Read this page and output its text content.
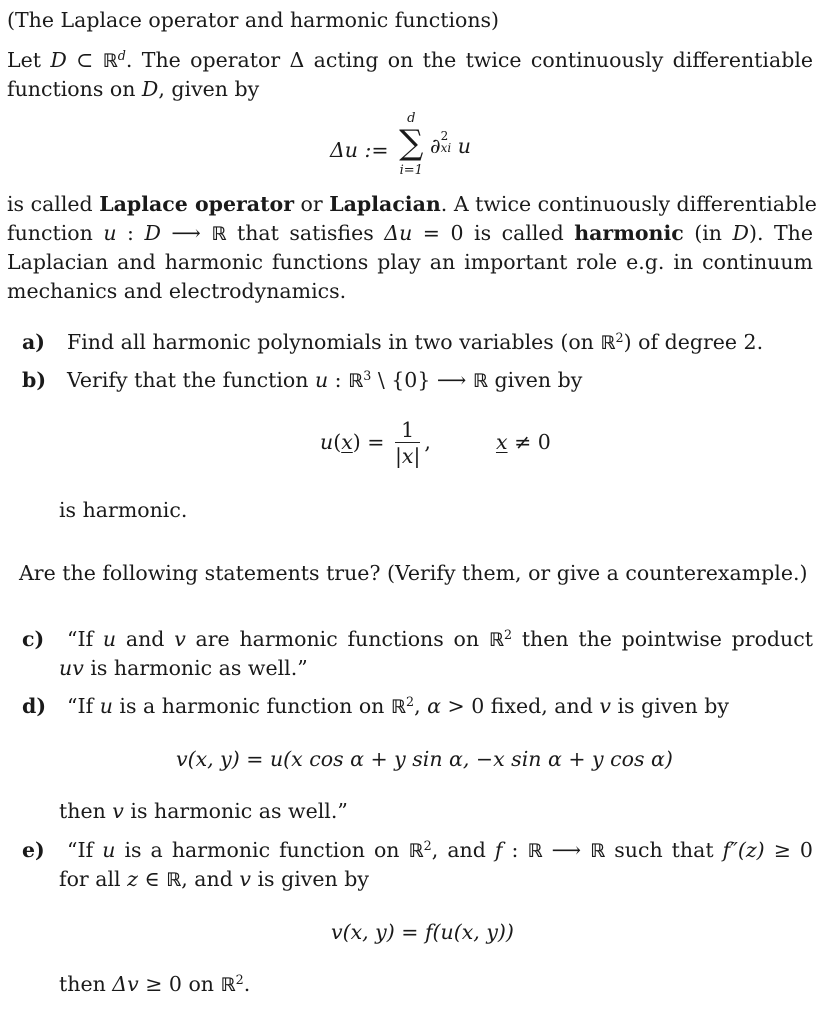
(The Laplace operator and harmonic functions)
Let D ⊂ ℝ$^d$. The operator Δ acting on the twice continuously differentiable
functions on D, given by
Δu :=
d
∑
i=1
∂ 2
xi u
is called Laplace operator or Laplacian. A twice continuously differentiable
function u : D ⟶ ℝ that satisfies Δu = 0 is called harmonic (in D). The
Laplacian and harmonic functions play an important role e.g. in continuum
mechanics and electrodynamics.
a) Find all harmonic polynomials in two variables (on ℝ$^2$) of degree 2.
b) Verify that the function u : ℝ$^3$ \ {0} ⟶ ℝ given by
$u(x) = \frac{1}{|x|}$ ,	x ≠ 0
is harmonic.
Are the following statements true? (Verify them, or give a counterexample.)
c) “If u and v are harmonic functions on ℝ$^2$ then the pointwise product
uv is harmonic as well.”
d) “If u is a harmonic function on ℝ$^2$, α > 0 fixed, and v is given by
v(x, y) = u(x cos α + y sin α, −x sin α + y cos α)
then v is harmonic as well.”
e) “If u is a harmonic function on ℝ$^2$, and f : ℝ ⟶ ℝ such that f″(z) ≥ 0
for all z ∈ ℝ, and v is given by
v(x, y) = f(u(x, y))
then Δv ≥ 0 on ℝ$^2$.
